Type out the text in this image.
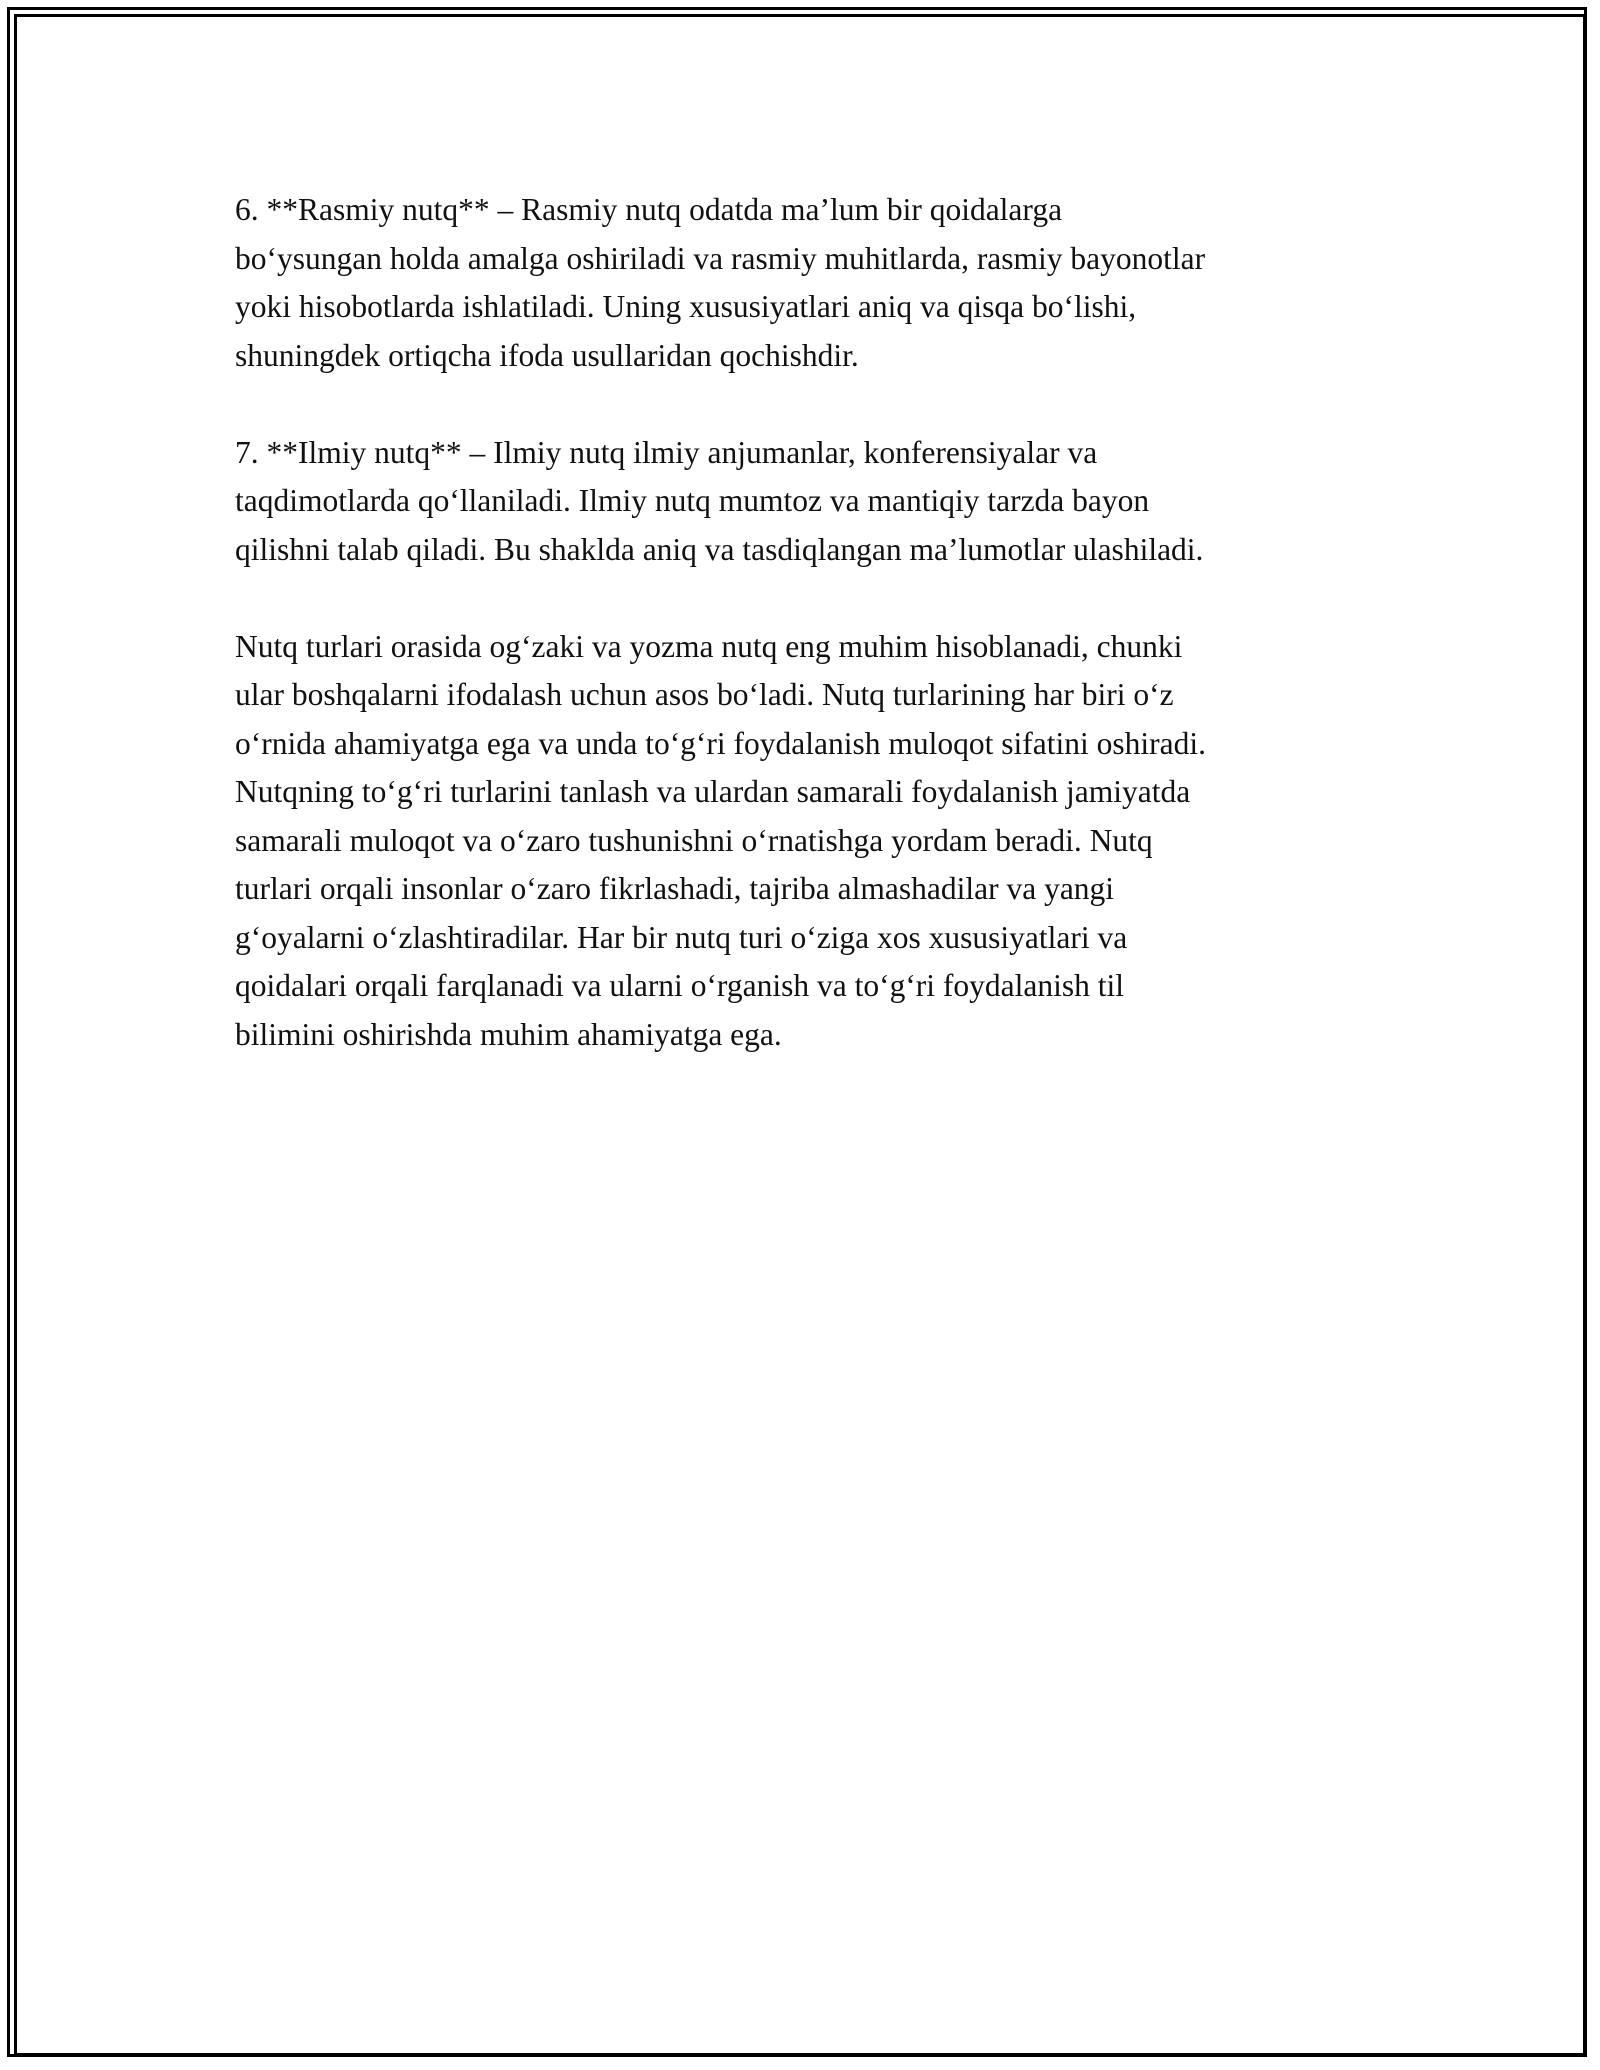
6. **Rasmiy nutq** – Rasmiy nutq odatda ma’lum bir qoidalarga
bo‘ysungan holda amalga oshiriladi va rasmiy muhitlarda, rasmiy bayonotlar
yoki hisobotlarda ishlatiladi. Uning xususiyatlari aniq va qisqa bo‘lishi,
shuningdek ortiqcha ifoda usullaridan qochishdir.

7. **Ilmiy nutq** – Ilmiy nutq ilmiy anjumanlar, konferensiyalar va
taqdimotlarda qo‘llaniladi. Ilmiy nutq mumtoz va mantiqiy tarzda bayon
qilishni talab qiladi. Bu shaklda aniq va tasdiqlangan ma’lumotlar ulashiladi.

Nutq turlari orasida og‘zaki va yozma nutq eng muhim hisoblanadi, chunki
ular boshqalarni ifodalash uchun asos bo‘ladi. Nutq turlarining har biri o‘z
o‘rnida ahamiyatga ega va unda to‘g‘ri foydalanish muloqot sifatini oshiradi.
Nutqning to‘g‘ri turlarini tanlash va ulardan samarali foydalanish jamiyatda
samarali muloqot va o‘zaro tushunishni o‘rnatishga yordam beradi. Nutq
turlari orqali insonlar o‘zaro fikrlashadi, tajriba almashadilar va yangi
g‘oyalarni o‘zlashtiradilar. Har bir nutq turi o‘ziga xos xususiyatlari va
qoidalari orqali farqlanadi va ularni o‘rganish va to‘g‘ri foydalanish til
bilimini oshirishda muhim ahamiyatga ega.
